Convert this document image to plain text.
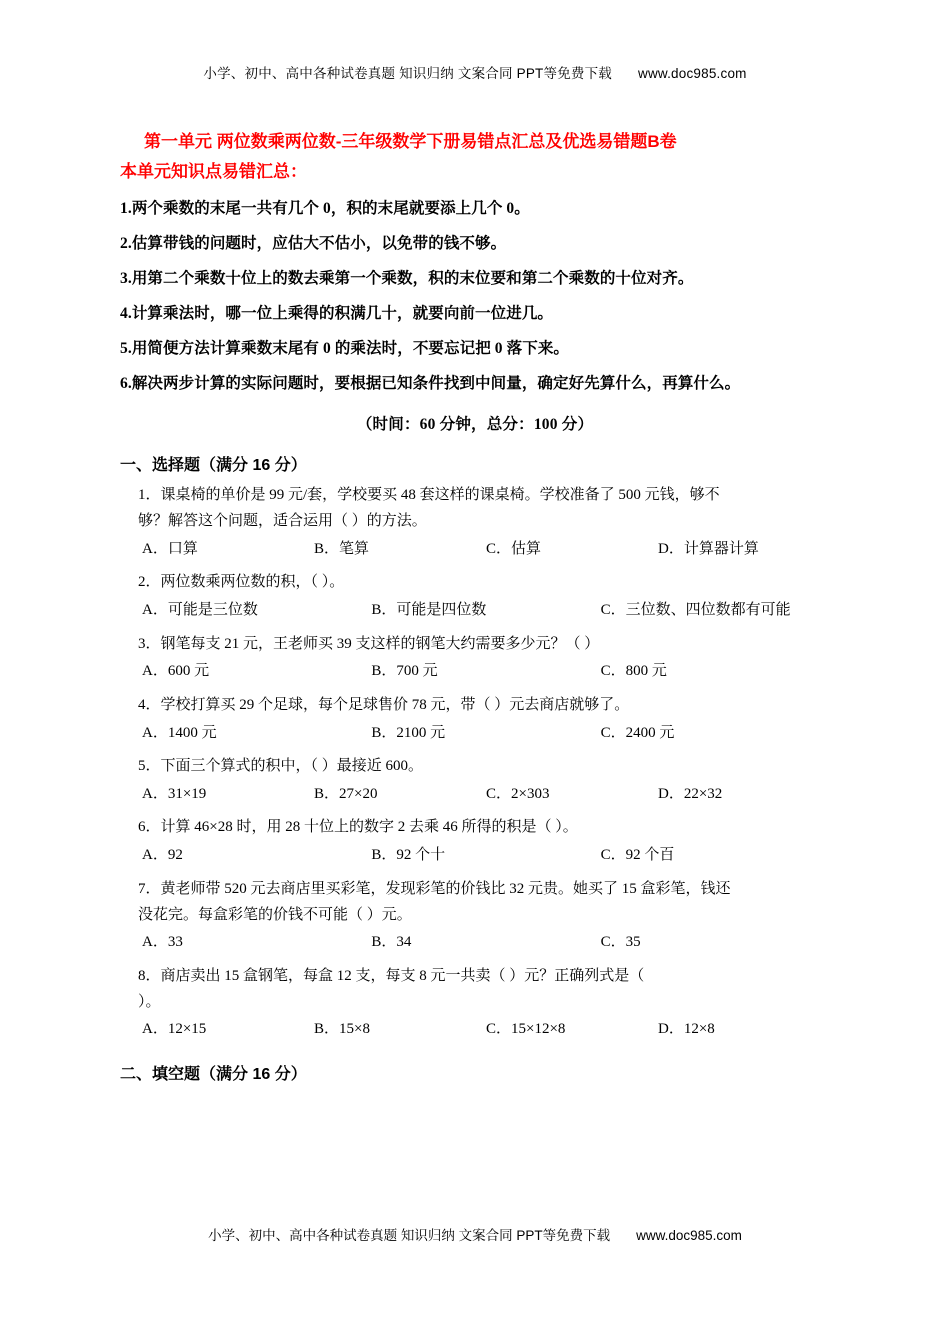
小学、初中、高中各种试卷真题 知识归纳 文案合同 PPT等免费下载 www.doc985.com
第一单元 两位数乘两位数-三年级数学下册易错点汇总及优选易错题B卷
本单元知识点易错汇总：
1.两个乘数的末尾一共有几个 0，积的末尾就要添上几个 0。
2.估算带钱的问题时，应估大不估小，以免带的钱不够。
3.用第二个乘数十位上的数去乘第一个乘数，积的末位要和第二个乘数的十位对齐。
4.计算乘法时，哪一位上乘得的积满几十，就要向前一位进几。
5.用简便方法计算乘数末尾有 0 的乘法时，不要忘记把 0 落下来。
6.解决两步计算的实际问题时，要根据已知条件找到中间量，确定好先算什么，再算什么。
（时间：60 分钟，总分：100 分）
一、选择题（满分 16 分）
1．课桌椅的单价是 99 元/套，学校要买 48 套这样的课桌椅。学校准备了 500 元钱，够不
够？解答这个问题，适合运用（ ）的方法。
A．口算	B．笔算	C．估算	D．计算器计算
2．两位数乘两位数的积，（ ）。
A．可能是三位数	B．可能是四位数	C．三位数、四位数都有可能
3．钢笔每支 21 元，王老师买 39 支这样的钢笔大约需要多少元？（ ）
A．600 元	B．700 元	C．800 元
4．学校打算买 29 个足球，每个足球售价 78 元，带（ ）元去商店就够了。
A．1400 元	B．2100 元	C．2400 元
5．下面三个算式的积中，（ ）最接近 600。
A．31×19	B．27×20	C．2×303	D．22×32
6．计算 46×28 时，用 28 十位上的数字 2 去乘 46 所得的积是（ ）。
A．92	B．92 个十	C．92 个百
7．黄老师带 520 元去商店里买彩笔，发现彩笔的价钱比 32 元贵。她买了 15 盒彩笔，钱还
没花完。每盒彩笔的价钱不可能（ ）元。
A．33	B．34	C．35
8．商店卖出 15 盒钢笔，每盒 12 支，每支 8 元一共卖（ ）元？正确列式是（
）。
A．12×15	B．15×8	C．15×12×8	D．12×8
二、填空题（满分 16 分）
小学、初中、高中各种试卷真题 知识归纳 文案合同 PPT等免费下载 www.doc985.com
